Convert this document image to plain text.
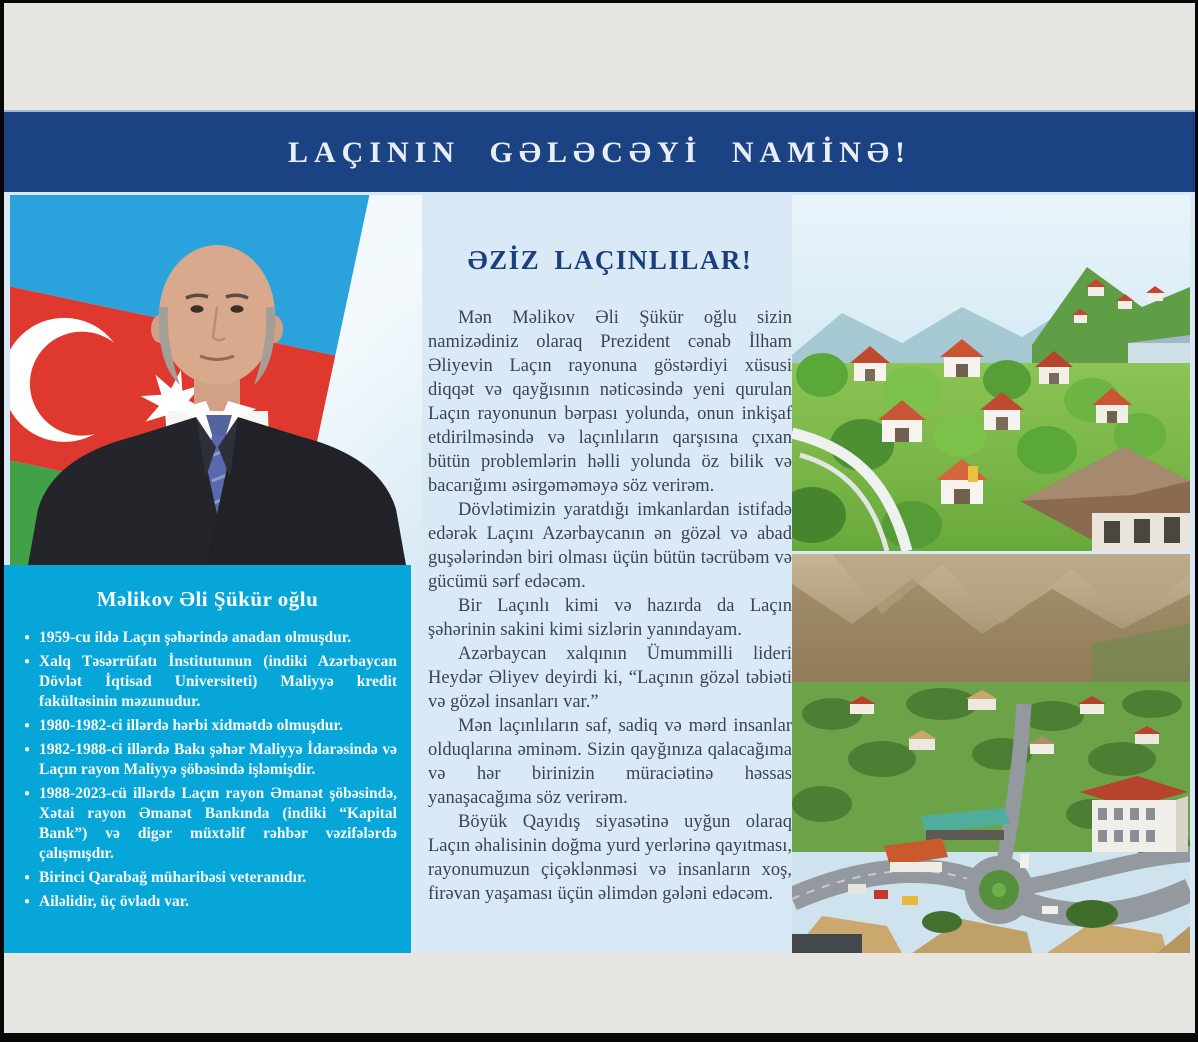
LAÇININ GƏLƏCƏYİ NAMİNƏ!
Məlikov Əli Şükür oğlu
● 1959-cu ildə Laçın şəhərində anadan olmuşdur.
● Xalq Təsərrüfatı İnstitutunun (indiki Azərbaycan Dövlət İqtisad Universiteti) Maliyyə kredit fakültəsinin məzunudur.
● 1980-1982-ci illərdə hərbi xidmətdə olmuşdur.
● 1982-1988-ci illərdə Bakı şəhər Maliyyə İdarəsində və Laçın rayon Maliyyə şöbəsində işləmişdir.
● 1988-2023-cü illərdə Laçın rayon Əmanət şöbəsində, Xətai rayon Əmanət Bankında (indiki “Kapital Bank”) və digər müxtəlif rəhbər vəzifələrdə çalışmışdır.
● Birinci Qarabağ müharibəsi veteranıdır.
● Ailəlidir, üç övladı var.
ƏZİZ LAÇINLILAR!

Mən Məlikov Əli Şükür oğlu sizin namizədiniz olaraq Prezident cənab İlham Əliyevin Laçın rayonuna göstərdiyi xüsusi diqqət və qayğısının nəticəsində yeni qurulan Laçın rayonunun bərpası yolunda, onun inkişaf etdirilməsində və laçınlıların qarşısına çıxan bütün problemlərin həlli yolunda öz bilik və bacarığımı əsirgəməməyə söz verirəm.

Dövlətimizin yaratdığı imkanlardan istifadə edərək Laçını Azərbaycanın ən gözəl və abad guşələrindən biri olması üçün bütün təcrübəm və gücümü sərf edəcəm.

Bir Laçınlı kimi və hazırda da Laçın şəhərinin sakini kimi sizlərin yanındayam.

Azərbaycan xalqının Ümummilli lideri Heydər Əliyev deyirdi ki, “Laçının gözəl təbiəti və gözəl insanları var.”

Mən laçınlıların saf, sadiq və mərd insanlar olduqlarına əminəm. Sizin qayğınıza qalacağıma və hər birinizin müraciətinə həssas yanaşacağıma söz verirəm.

Böyük Qayıdış siyasətinə uyğun olaraq Laçın əhalisinin doğma yurd yerlərinə qayıtması, rayonumuzun çiçəklənməsi və insanların xoş, firəvan yaşaması üçün əlimdən gələni edəcəm.
